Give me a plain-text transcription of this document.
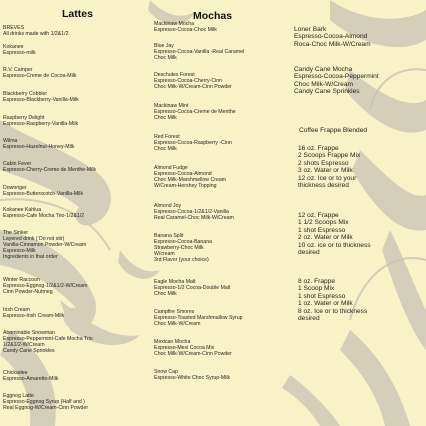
Lattes
BREVES
All drinks made with 1/2&1/2
Kokanee
Espresso-milk
R.V. Camper
Espresso-Creme de Cocoa-Milk
Blackberry Cobbler
Espresso-Blackberry-Vanilla-Milk
Raspberry Delight
Espresso-Raspberry-Vanilla-Milk
Wilma
Espresso-Hazelnut-Honey-Milk
Cabin Fever
Espresso-Cherry-Creme de Menthe-Milk
Downriger
Espresso-Butterscotch-Vanilla-Milk
Kokanee Kahlua
Espresso-Cafe Mocha Trio-1/2&1/2
The Sinker
Layered drink ( Do not stir)
Vanilla-Cinnamon Powder-W/Cream
Espresso-Milk
Ingredients in that order
Winter Raccoon
Espresso-Eggnog-1/2&1/2-W/Cream
Cinn Powder-Nutmeg
Irish Cream
Espresso-Irish Cream-Milk
Abominable Snowman
Espresso-Peppermint-Cafe Mocha Trio
1/2&1/2-W/Cream
Candy Cane Sprinkles
Chickadee
Espresso-Amaretto-Milk
Eggnog Latte
Espresso-Eggnog Syrup (Half and )
Real Eggnog-W/Cream-Cinn Powder
Mochas
Mackinaw Mocha
Espresso-Cocoa-Choc Milk
Blue Jay
Espresso-Cocoa-Vanilla -Real Caramel
Choc Milk
Deschutes Forest
Espresso-Cocoa-Cherry-Cinn
Choc Milk-W/Cream-Cinn Powder
Mackinaw Mint
Espresso-Cocoa-Creme de Menthe
Choc Milk
Red Forest
Espresso-Cocoa-Raspberry -Cinn
Choc Milk
Almond Fudge
Espresso-Cocoa-Almond
Choc Milk-Marshmellow Cream
W/Cream-Hershey Topping
Almond Joy
Espresso-Cocoa-1/2&1/2-Vanilla
Real Caramel-Choc Milk-W/Cream
Banana Split
Espresso-Cocoa-Banana
Strawberry-Choc Milk
W/cream
3rd Flavor (your choice)
Eagle Mocha Malt
Espresso-1/2 Cocoa-Double Malt
Choc Milk
Campfire Smores
Espresso-Toasted Marshmallow Syrup
Choc Milk-W/Cream
Mexican Mocha
Espresso-Mexi Cocoa Mix
Choc Milk-W/Cream-Cinn Powder
Snow Cap
Espresso-White Choc Syrup-Milk
Loner Bark
Espresso-Cocoa-Almond
Roca-Choc Milk-W/Cream
Candy Cane Mocha
Espresso-Cocoa-Peppermint
Choc Milk-W/Cream
Candy Cane Sprinkles
Coffee Frappe Blended
16 oz. Frappe
2 Scoops Frappe Mix
2 shots Espresso
3 oz. Water or Milk
12 oz. Ice or to your
thickness desired
12 oz. Frappe
1 1/2 Scoops Mix
1 shot Espresso
2 oz. Water or Milk
10 oz. ice or to thickness
desired
8 oz. Frappe
1 Scoop Mix
1 shot Espresso
1 oz. Water or Milk
8 oz. Ice or to thickness
desired
